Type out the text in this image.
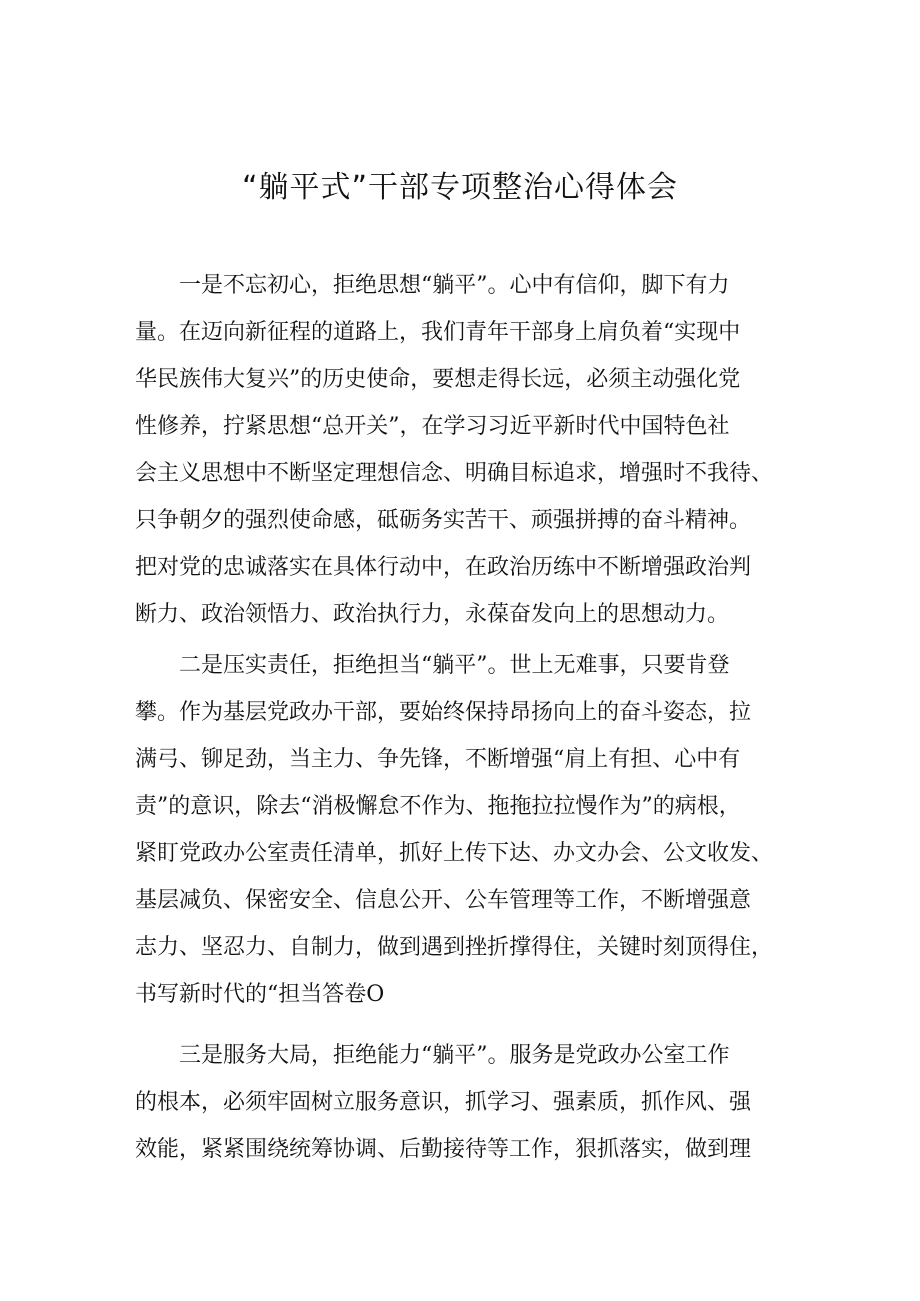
“躺平式”干部专项整治心得体会
一是不忘初心，拒绝思想“躺平”。心中有信仰，脚下有力
量。在迈向新征程的道路上，我们青年干部身上肩负着“实现中
华民族伟大复兴”的历史使命，要想走得长远，必须主动强化党
性修养，拧紧思想“总开关”，在学习习近平新时代中国特色社
会主义思想中不断坚定理想信念、明确目标追求，增强时不我待、
只争朝夕的强烈使命感，砥砺务实苦干、顽强拼搏的奋斗精神。
把对党的忠诚落实在具体行动中，在政治历练中不断增强政治判
断力、政治领悟力、政治执行力，永葆奋发向上的思想动力。
二是压实责任，拒绝担当“躺平”。世上无难事，只要肯登
攀。作为基层党政办干部，要始终保持昂扬向上的奋斗姿态，拉
满弓、铆足劲，当主力、争先锋，不断增强“肩上有担、心中有
责”的意识，除去“消极懈怠不作为、拖拖拉拉慢作为”的病根，
紧盯党政办公室责任清单，抓好上传下达、办文办会、公文收发、
基层减负、保密安全、信息公开、公车管理等工作，不断增强意
志力、坚忍力、自制力，做到遇到挫折撑得住，关键时刻顶得住，
书写新时代的“担当答卷O
三是服务大局，拒绝能力“躺平”。服务是党政办公室工作
的根本，必须牢固树立服务意识，抓学习、强素质，抓作风、强
效能，紧紧围绕统筹协调、后勤接待等工作，狠抓落实，做到理
